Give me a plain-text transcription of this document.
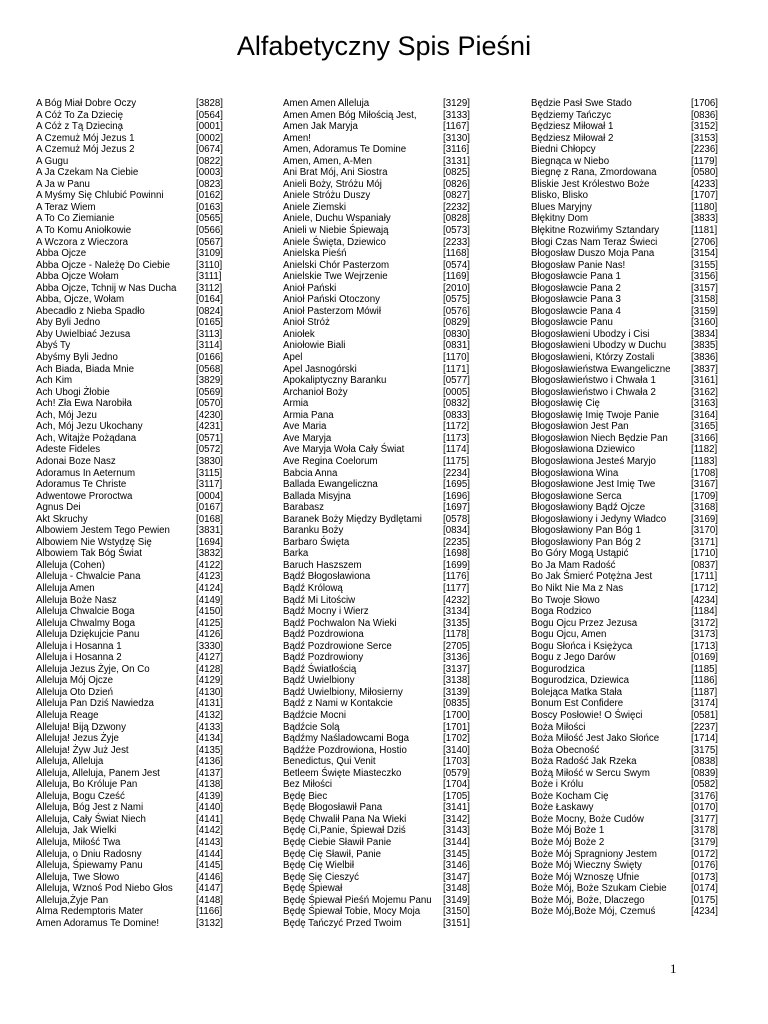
Alfabetyczny Spis Pieśni
A Bóg Miał Dobre Oczy	[3828]
A Cóż To Za Dziecię	[0564]
A Cóż z Tą Dziecina̧	[0001]
A Czemuż Mój Jezus 1	[0002]
A Czemuż Mój Jezus 2	[0674]
A Gugu	[0822]
A Ja Czekam Na Ciebie	[0003]
A Ja w Panu	[0823]
A Myśmy Się Chlubić Powinni	[0162]
A Teraz Wiem	[0163]
A To Co Ziemianie	[0565]
A To Komu Aniołkowie	[0566]
A Wczora z Wieczora	[0567]
Abba Ojcze	[3109]
Abba Ojcze - Należę Do Ciebie	[3110]
Abba Ojcze Wołam	[3111]
Abba Ojcze, Tchnij w Nas Ducha [3112]
Abba, Ojcze, Wołam	[0164]
Abecadło z Nieba Spadło	[0824]
Aby Byli Jedno	[0165]
Aby Uwielbiać Jezusa	[3113]
Abyś Ty	[3114]
Abyśmy Byli Jedno	[0166]
Ach Biada, Biada Mnie	[0568]
Ach Kim	[3829]
Ach Ubogi Żłobie	[0569]
Ach! Zła Ewa Narobiła	[0570]
Ach, Mój Jezu	[4230]
Ach, Mój Jezu Ukochany	[4231]
Ach, Witajże Pożądana	[0571]
Adeste Fideles	[0572]
Adonai Boze Nasz	[3830]
Adoramus In Aeternum	[3115]
Adoramus Te Christe	[3117]
Adwentowe Proroctwa	[0004]
Agnus Dei	[0167]
Akt Skruchy	[0168]
Albowiem Jestem Tego Pewien	[3831]
Albowiem Nie Wstydzę Się	[1694]
Albowiem Tak Bóg Świat	[3832]
Alleluja (Cohen)	[4122]
Alleluja - Chwalcie Pana	[4123]
Alleluja Amen	[4124]
Alleluja Boże Nasz	[4149]
Alleluja Chwalcie Boga	[4150]
Alleluja Chwalmy Boga	[4125]
Alleluja Dziękujcie Panu	[4126]
Alleluja i Hosanna 1	[3330]
Alleluja i Hosanna 2	[4127]
Alleluja Jezus Żyje, On Co	[4128]
Alleluja Mój Ojcze	[4129]
Alleluja Oto Dzień	[4130]
Alleluja Pan Dziś Nawiedza	[4131]
Alleluja Reage	[4132]
Alleluja! Biją Dzwony	[4133]
Alleluja! Jezus Żyje	[4134]
Alleluja! Żyw Już Jest	[4135]
Alleluja, Alleluja	[4136]
Alleluja, Alleluja, Panem Jest	[4137]
Alleluja, Bo Króluje Pan	[4138]
Alleluja, Bogu Cześć	[4139]
Alleluja, Bóg Jest z Nami	[4140]
Alleluja, Cały Świat Niech	[4141]
Alleluja, Jak Wielki	[4142]
Alleluja, Miłość Twa	[4143]
Alleluja, o Dniu Radosny	[4144]
Alleluja, Śpiewamy Panu	[4145]
Alleluja, Twe Słowo	[4146]
Alleluja, Wznoś Pod Niebo Głos [4147]
Alleluja,Żyje Pan	[4148]
Alma Redemptoris Mater	[1166]
Amen Adoramus Te Domine!	[3132]
Amen Amen Alleluja	[3129]
Amen Amen Bóg Miłością Jest,	[3133]
Amen Jak Maryja	[1167]
Amen!	[3130]
Amen, Adoramus Te Domine	[3116]
Amen, Amen, A-Men	[3131]
Ani Brat Mój, Ani Siostra	[0825]
Anieli Boży, Stróżu Mój	[0826]
Aniele Stróżu Duszy	[0827]
Aniele Ziemski	[2232]
Aniele, Duchu Wspaniały	[0828]
Anieli w Niebie Śpiewają	[0573]
Aniele Święta, Dziewico	[2233]
Anielska Pieśń	[1168]
Anielski Chór Pasterzom	[0574]
Anielskie Twe Wejrzenie	[1169]
Anioł Pański	[2010]
Anioł Pański Otoczony	[0575]
Anioł Pasterzom Mówił	[0576]
Anioł Stróż	[0829]
Aniołek	[0830]
Aniołowie Biali	[0831]
Apel	[1170]
Apel Jasnogórski	[1171]
Apokaliptyczny Baranku	[0577]
Archanioł Boży	[0005]
Armia	[0832]
Armia Pana	[0833]
Ave Maria	[1172]
Ave Maryja	[1173]
Ave Maryja Woła Cały Świat	[1174]
Ave Regina Coelorum	[1175]
Babcia Anna	[2234]
Ballada Ewangeliczna	[1695]
Ballada Misyjna	[1696]
Barabasz	[1697]
Baranek Boży Między Bydlętami [0578]
Baranku Boży	[0834]
Barbaro Święta	[2235]
Barka	[1698]
Baruch Haszszem	[1699]
Bądź Błogosławiona	[1176]
Bądź Królową	[1177]
Bądź Mi Litościw	[4232]
Bądź Mocny i Wierz	[3134]
Bądź Pochwalon Na Wieki	[3135]
Bądź Pozdrowiona	[1178]
Bądź Pozdrowione Serce	[2705]
Bądź Pozdrowiony	[3136]
Bądź Światłością	[3137]
Bądź Uwielbiony	[3138]
Bądź Uwielbiony, Miłosierny	[3139]
Bądź z Nami w Kontakcie	[0835]
Bądźcie Mocni	[1700]
Bądźcie Solą	[1701]
Bądźmy Naśladowcami Boga	[1702]
Bądźże Pozdrowiona, Hostio	[3140]
Benedictus, Qui Venit	[1703]
Betleem Święte Miasteczko	[0579]
Bez Miłości	[1704]
Będę Biec	[1705]
Będę Błogosławił Pana	[3141]
Będę Chwalił Pana Na Wieki	[3142]
Będę Ci,Panie, Śpiewał Dziś	[3143]
Będę Ciebie Sławił Panie	[3144]
Będę Cię Sławił, Panie	[3145]
Będę Cię Wielbił	[3146]
Będę Się Cieszyć	[3147]
Będę Śpiewał	[3148]
Będę Śpiewał Pieśń Mojemu Panu [3149]
Będę Śpiewał Tobie, Mocy Moja [3150]
Będę Tańczyć Przed Twoim	[3151]
Będzie Pasł Swe Stado	[1706]
Będziemy Tańczyc	[0836]
Będziesz Miłował 1	[3152]
Będziesz Miłował 2	[3153]
Biedni Chłopcy	[2236]
Biegnąca w Niebo	[1179]
Biegnę z Rana, Zmordowana	[0580]
Bliskie Jest Królestwo Boże	[4233]
Blisko, Blisko	[1707]
Blues Maryjny	[1180]
Błękitny Dom	[3833]
Błękitne Rozwińmy Sztandary	[1181]
Błogi Czas Nam Teraz Świeci	[2706]
Błogosław Duszo Moja Pana	[3154]
Błogosław Panie Nas!	[3155]
Błogosławcie Pana 1	[3156]
Błogosławcie Pana 2	[3157]
Błogosławcie Pana 3	[3158]
Błogosławcie Pana 4	[3159]
Błogosławcie Panu	[3160]
Błogosławieni Ubodzy i Cisi	[3834]
Błogosławieni Ubodzy w Duchu	[3835]
Błogosławieni, Którzy Zostali	[3836]
Błogosławieństwa Ewangeliczne [3837]
Błogosławieństwo i Chwała 1	[3161]
Błogosławieństwo i Chwała 2	[3162]
Błogosławię Cię	[3163]
Błogosławię Imię Twoje Panie	[3164]
Błogosławion Jest Pan	[3165]
Błogosławion Niech Będzie Pan [3166]
Błogosławiona Dziewico	[1182]
Błogosławiona Jesteś Maryjo	[1183]
Błogosławiona Wina	[1708]
Błogosławione Jest Imię Twe	[3167]
Błogosławione Serca	[1709]
Błogosławiony Bądź Ojcze	[3168]
Błogosławiony i Jedyny Władco	[3169]
Błogosławiony Pan Bóg 1	[3170]
Błogosławiony Pan Bóg 2	[3171]
Bo Góry Mogą Ustąpić	[1710]
Bo Ja Mam Radość	[0837]
Bo Jak Śmierć Potężna Jest	[1711]
Bo Nikt Nie Ma z Nas	[1712]
Bo Twoje Słowo	[4234]
Boga Rodzico	[1184]
Bogu Ojcu Przez Jezusa	[3172]
Bogu Ojcu, Amen	[3173]
Bogu Słońca i Księżyca	[1713]
Bogu z Jego Darów	[0169]
Bogurodzica	[1185]
Bogurodzica, Dziewica	[1186]
Bolejąca Matka Stała	[1187]
Bonum Est Confidere	[3174]
Boscy Posłowie! O Święci	[0581]
Boża Miłości	[2237]
Boża Miłość Jest Jako Słońce	[1714]
Boża Obecność	[3175]
Boża Radość Jak Rzeka	[0838]
Bożą Miłość w Sercu Swym	[0839]
Boże i Królu	[0582]
Boże Kocham Cię	[3176]
Boże Łaskawy	[0170]
Boże Moc​ny, Boże Cudów	[3177]
Boże Mój Boże 1	[3178]
Boże Mój Boże 2	[3179]
Boże Mój Spragniony Jestem	[0172]
Boże Mój Wieczny Święty	[0176]
Boże Mój Wznoszę Ufnie	[0173]
Boże Mój, Boże Szukam Ciebie	[0174]
Boże Mój, Boże, Dlaczego	[0175]
Boże Mój,Boże Mój, Czemuś	[4234]
1
